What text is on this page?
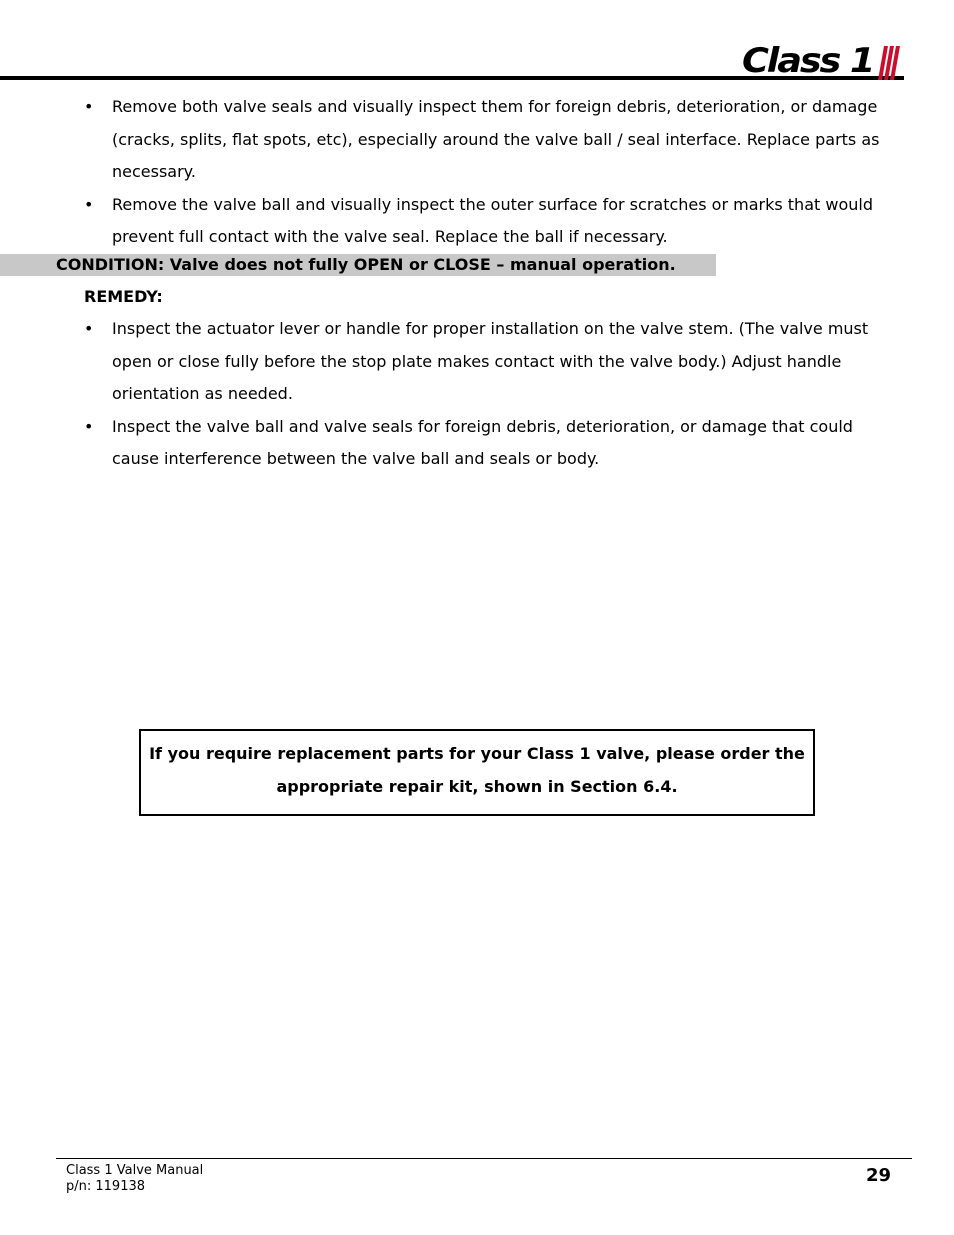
Class 1
• Remove both valve seals and visually inspect them for foreign debris, deterioration, or damage (cracks, splits, flat spots, etc), especially around the valve ball / seal interface. Replace parts as necessary.
• Remove the valve ball and visually inspect the outer surface for scratches or marks that would prevent full contact with the valve seal. Replace the ball if necessary.
CONDITION: Valve does not fully OPEN or CLOSE – manual operation.
REMEDY:
• Inspect the actuator lever or handle for proper installation on the valve stem. (The valve must open or close fully before the stop plate makes contact with the valve body.) Adjust handle orientation as needed.
• Inspect the valve ball and valve seals for foreign debris, deterioration, or damage that could cause interference between the valve ball and seals or body.
If you require replacement parts for your Class 1 valve, please order the
appropriate repair kit, shown in Section 6.4.
Class 1 Valve Manual
p/n: 119138
29
